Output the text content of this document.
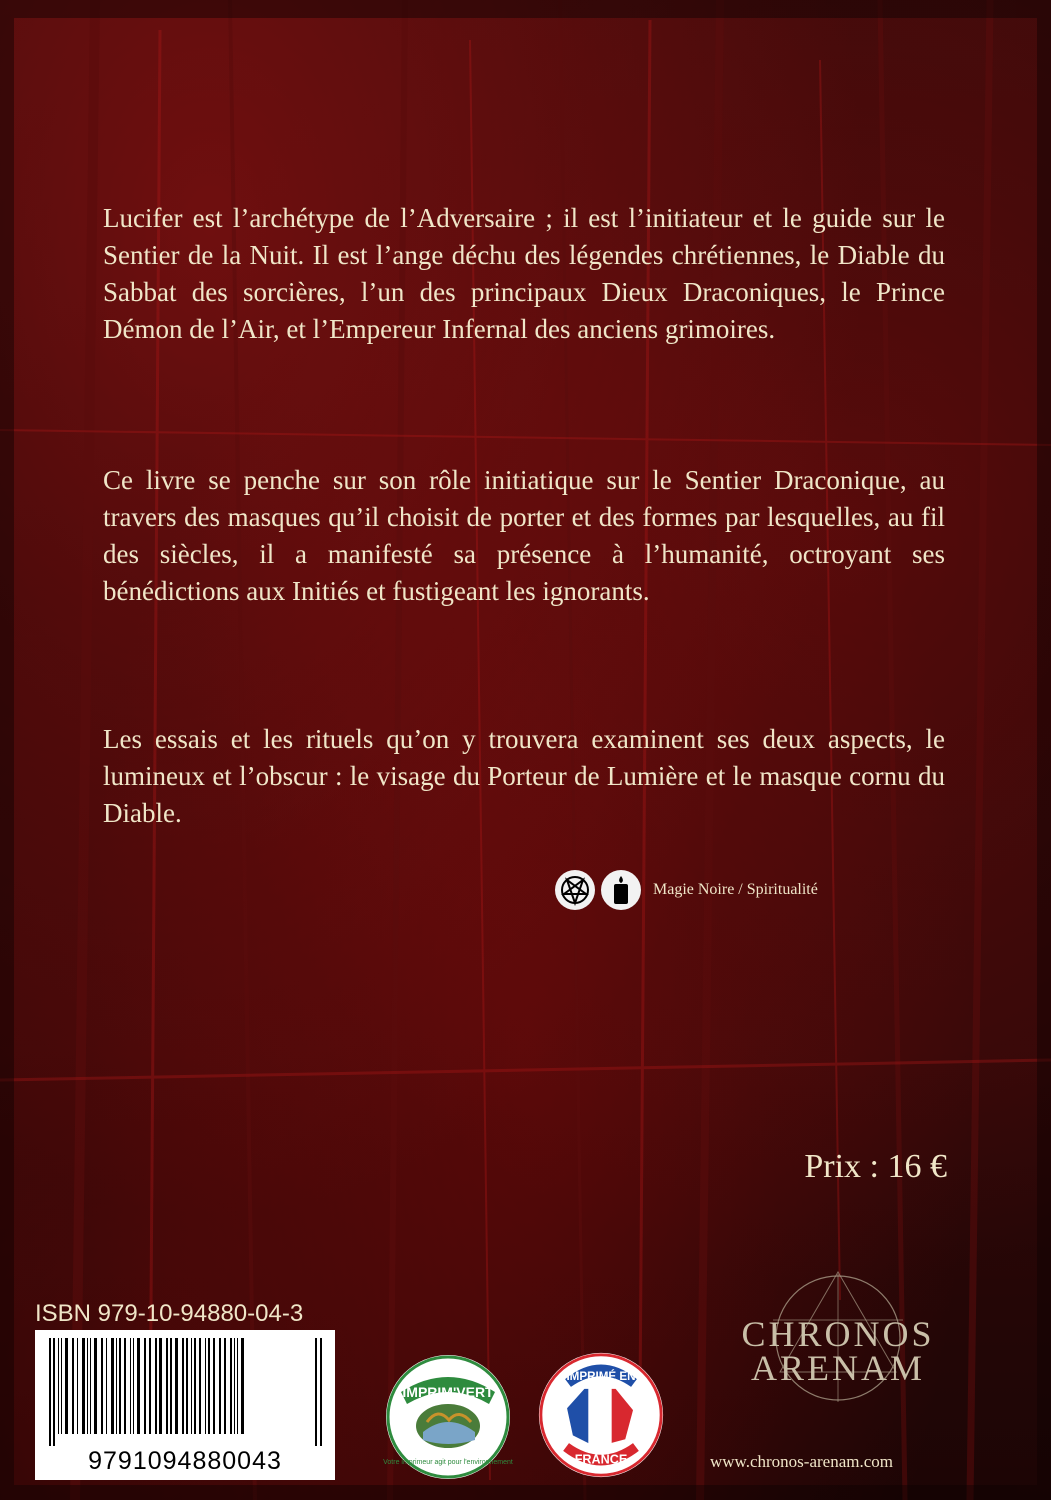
Lucifer est l’archétype de l’Adversaire ; il est l’initiateur et le guide sur le Sentier de la Nuit. Il est l’ange déchu des légendes chrétiennes, le Diable du Sabbat des sorcières, l’un des principaux Dieux Draconiques, le Prince Démon de l’Air, et l’Empereur Infernal des anciens grimoires.

Ce livre se penche sur son rôle initiatique sur le Sentier Draconique, au travers des masques qu’il choisit de porter et des formes par lesquelles, au fil des siècles, il a manifesté sa présence à l’humanité, octroyant ses bénédictions aux Initiés et fustigeant les ignorants.

Les essais et les rituels qu’on y trouvera examinent ses deux aspects, le lumineux et l’obscur : le visage du Porteur de Lumière et le masque cornu du Diable.

Magie Noire / Spiritualité
Prix : 16 €
ISBN 979-10-94880-04-3
9791094880043
IMPRIM'VERT
Votre imprimeur agit pour l'environnement
IMPRIMÉ EN
FRANCE
CHRONOS
ARENAM
www.chronos-arenam.com
